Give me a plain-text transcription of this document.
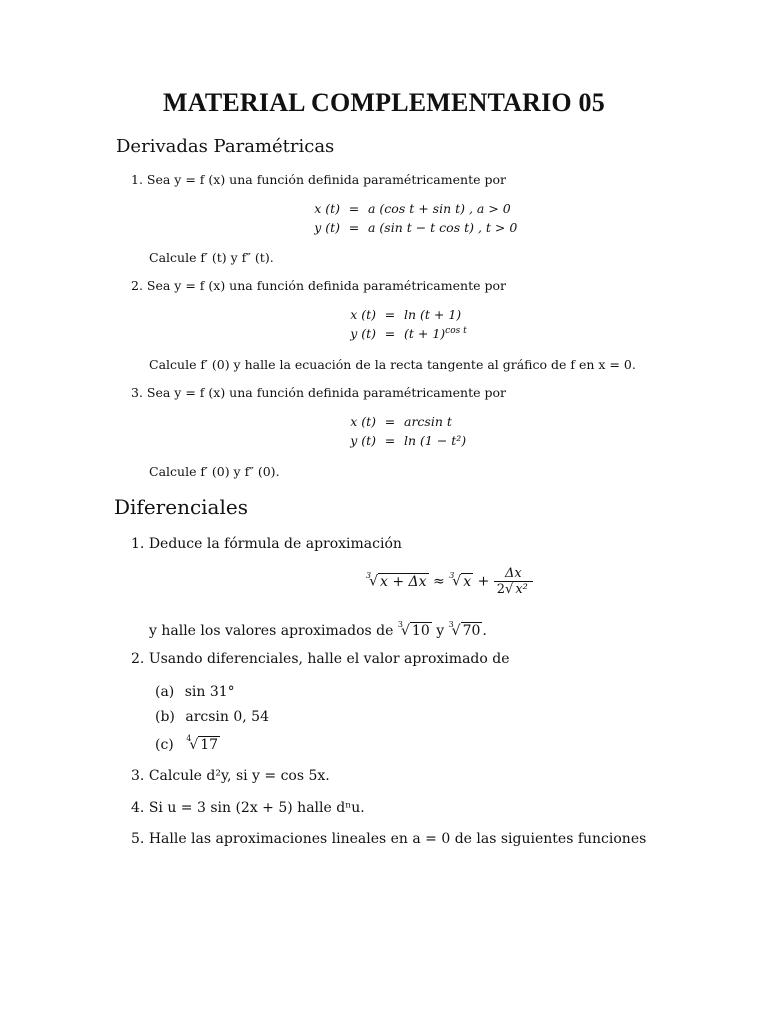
MATERIAL COMPLEMENTARIO 05
Derivadas Paramétricas
1. Sea y = f (x) una función definida paramétricamente por
x (t) = a (cos t + sin t) , a > 0
y (t) = a (sin t − t cos t) , t > 0
Calcule f′ (t) y f″ (t).
2. Sea y = f (x) una función definida paramétricamente por
x (t) = ln (t + 1)
y $(t) = (t + 1)^{cos t}$
Calcule f′ (0) y halle la ecuación de la recta tangente al gráfico de f en x = 0.
3. Sea y = f (x) una función definida paramétricamente por
x (t) = arcsin t
y (t) = ln (1 − t²)
Calcule f′ (0) y f″ (0).
Diferenciales
1. Deduce la fórmula de aproximación
$^3$√ x + Δx ≈ $^3$√ $x + \frac{\Delta x}{\text{2√ x²}}$
y halle los valores aproximados de $^3$√ 10 y $^3$√ 70 .
2. Usando diferenciales, halle el valor aproximado de
(a) sin 31°
(b) arcsin 0, 54
(c) $^4$√ 17
3. Calcule d²y, si y = cos 5x.
4. Si u = 3 sin (2x + 5) halle dⁿu.
5. Halle las aproximaciones lineales en a = 0 de las siguientes funciones
